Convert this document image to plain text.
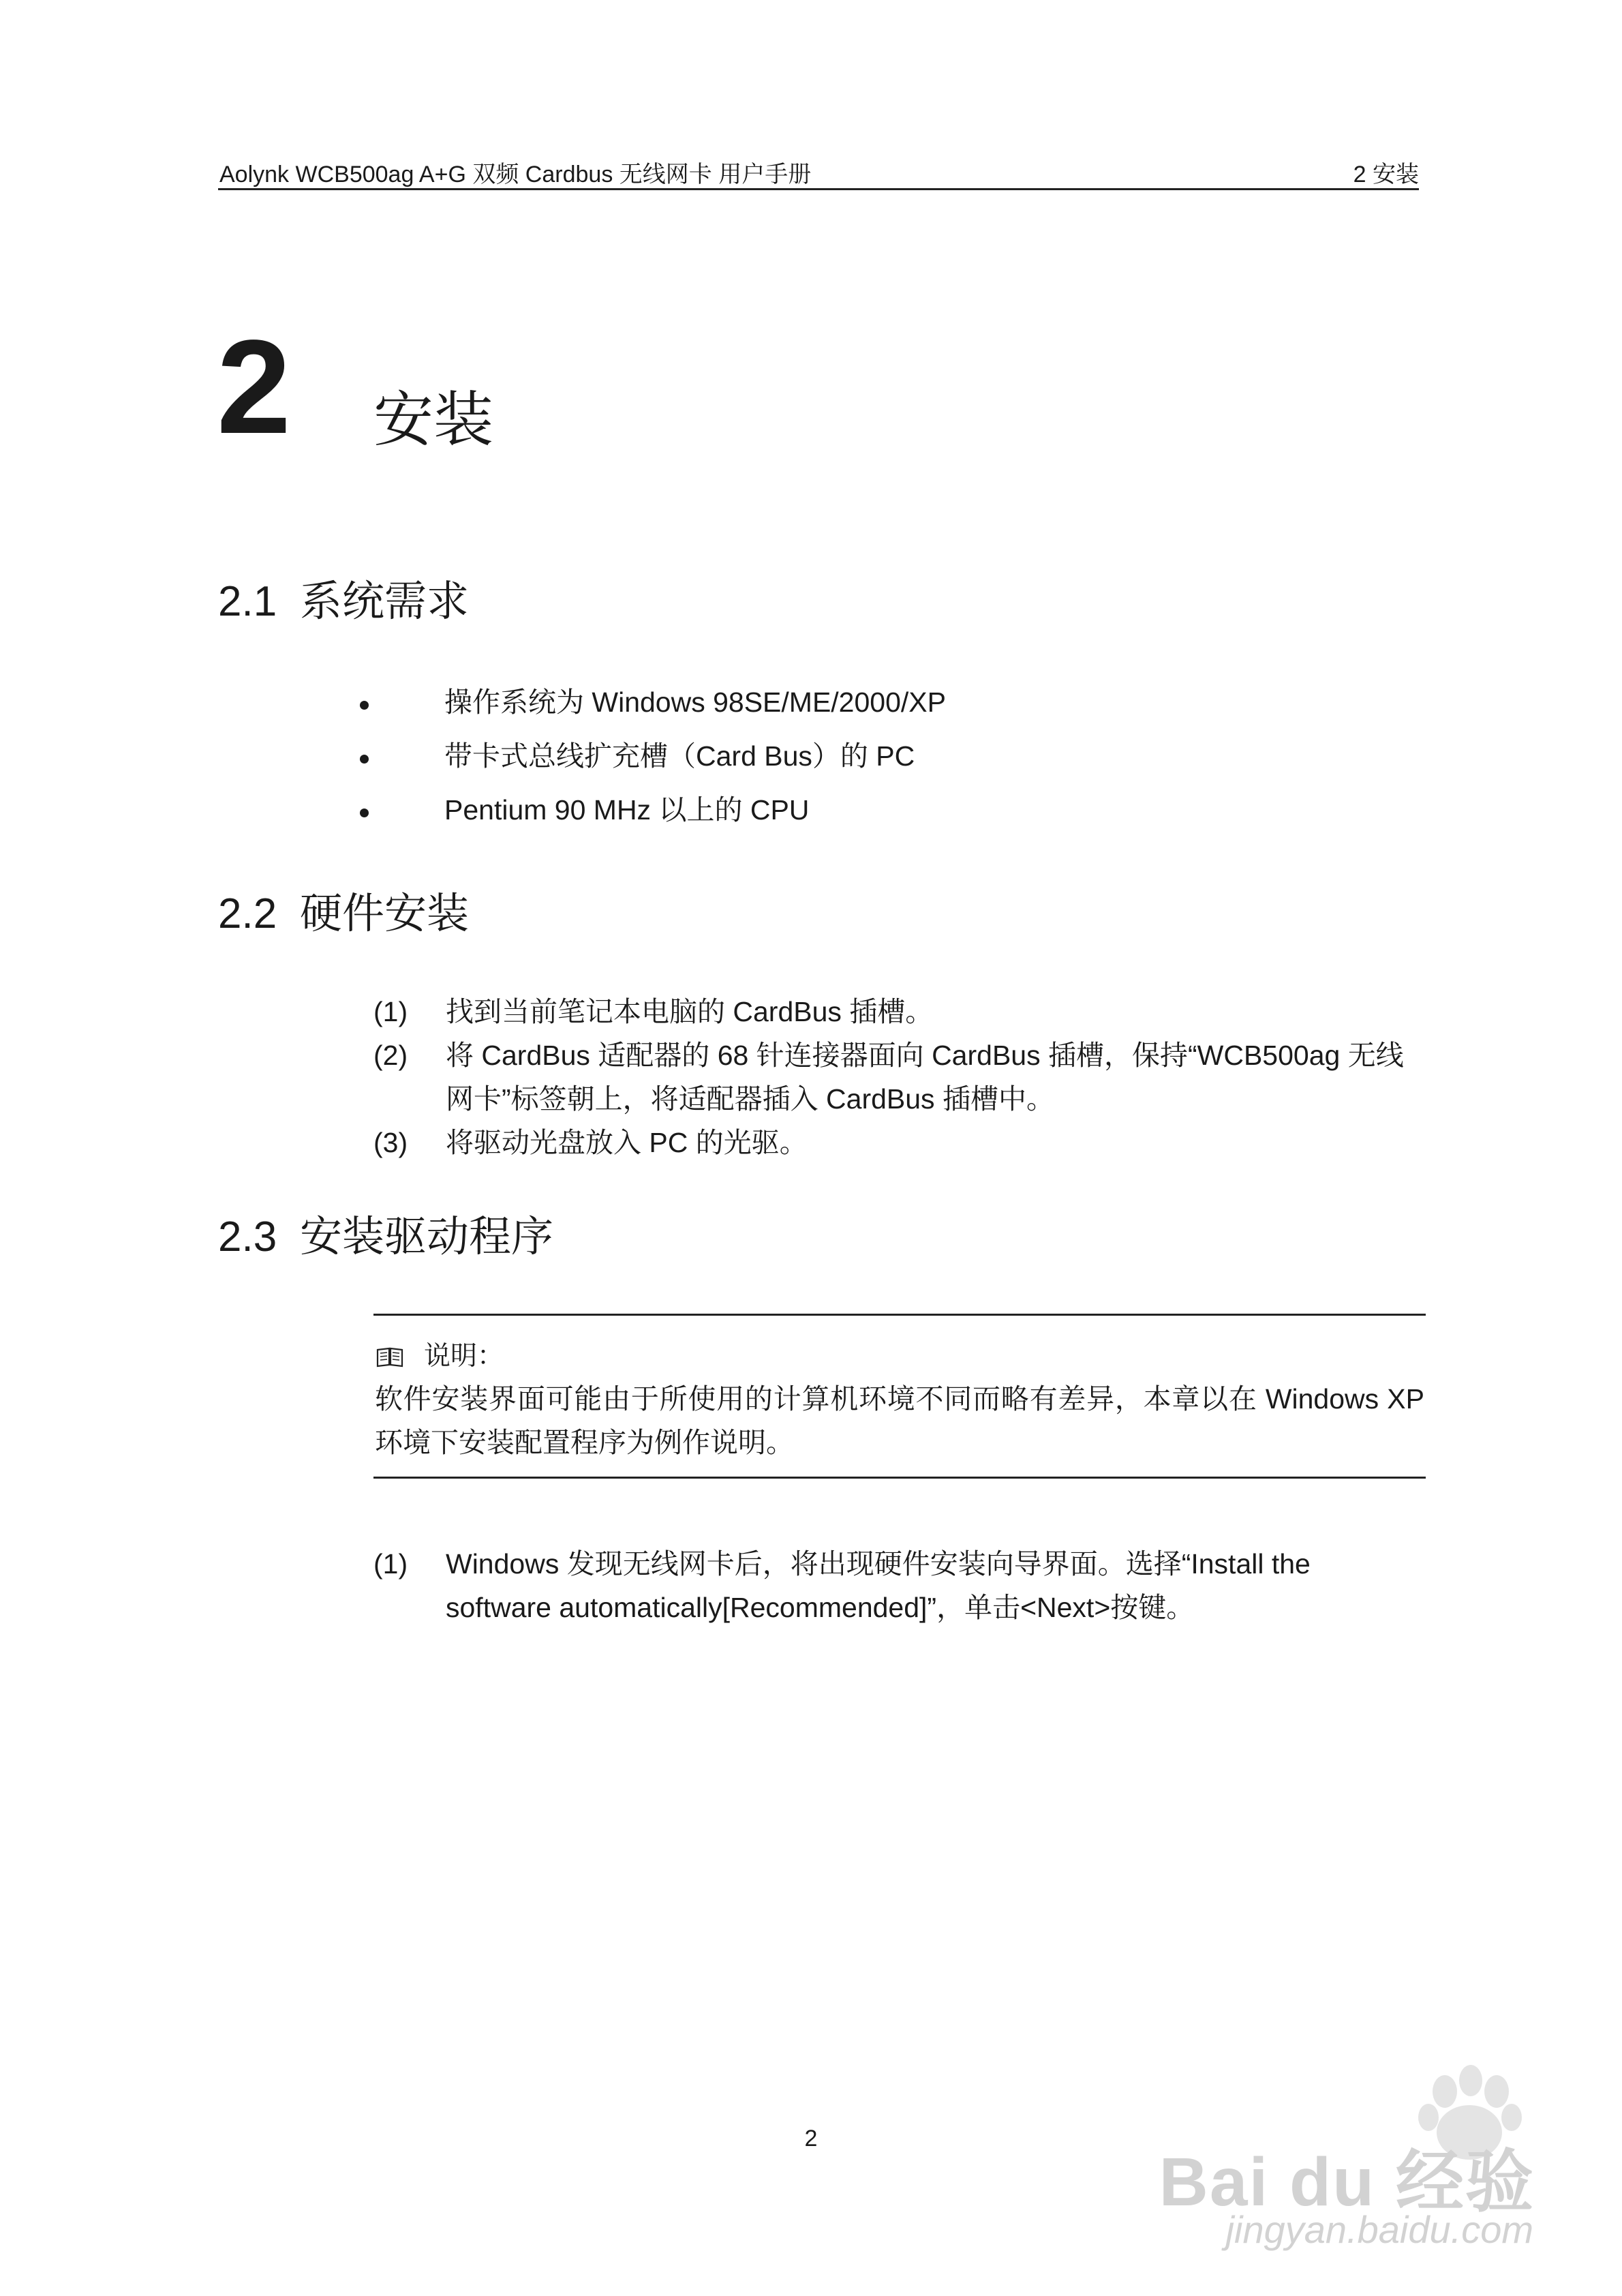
Aolynk WCB500ag A+G 双频 Cardbus 无线网卡 用户手册	2 安装
2 安装
2.1 系统需求
操作系统为 Windows 98SE/ME/2000/XP
带卡式总线扩充槽（Card Bus）的 PC
Pentium 90 MHz 以上的 CPU
2.2 硬件安装
(1) 找到当前笔记本电脑的 CardBus 插槽。
(2) 将 CardBus 适配器的 68 针连接器面向 CardBus 插槽，保持“WCB500ag 无线网卡”标签朝上，将适配器插入 CardBus 插槽中。
(3) 将驱动光盘放入 PC 的光驱。
2.3 安装驱动程序
说明：
软件安装界面可能由于所使用的计算机环境不同而略有差异，本章以在 Windows XP 环境下安装配置程序为例作说明。
(1) Windows 发现无线网卡后，将出现硬件安装向导界面。选择“Install the software automatically[Recommended]”，单击<Next>按键。
2
Bai du 经验
jingyan.baidu.com
